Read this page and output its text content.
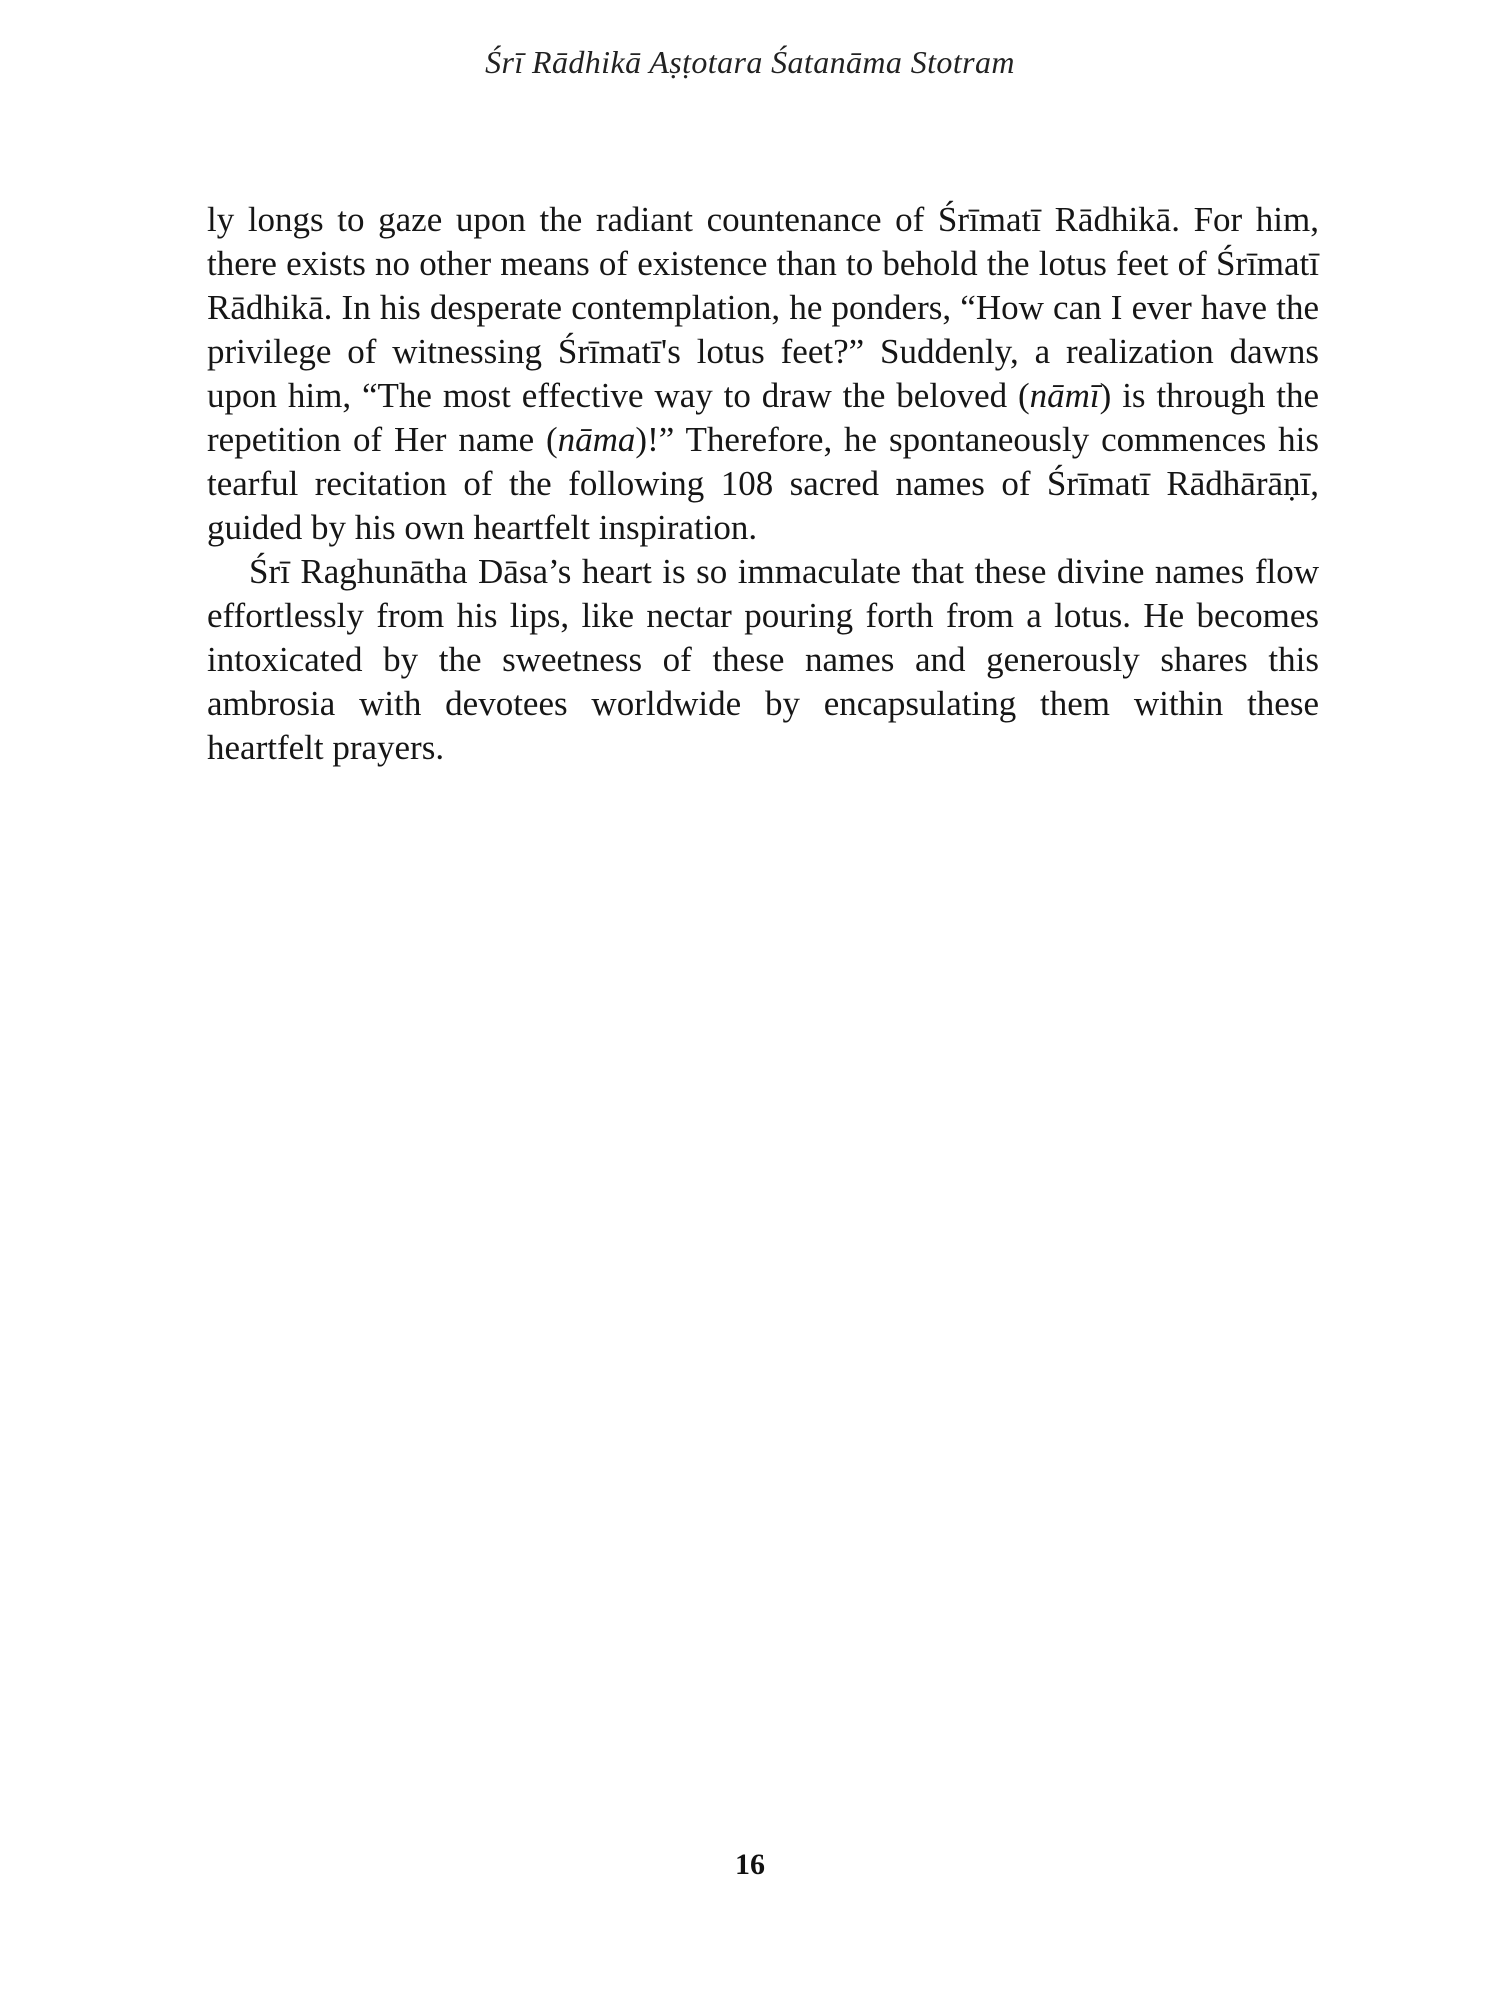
Śrī Rādhikā Aṣṭotara Śatanāma Stotram

ly longs to gaze upon the radiant countenance of Śrīmatī Rādhikā. For him, there exists no other means of existence than to behold the lotus feet of Śrīmatī Rādhikā. In his desperate contemplation, he ponders, “How can I ever have the privilege of witnessing Śrīmatī's lotus feet?” Suddenly, a realization dawns upon him, “The most effective way to draw the beloved (nāmī) is through the repetition of Her name (nāma)!” Therefore, he spontaneously commences his tearful recitation of the following 108 sacred names of Śrīmatī Rādhārāṇī, guided by his own heartfelt inspiration.

Śrī Raghunātha Dāsa’s heart is so immaculate that these divine names flow effortlessly from his lips, like nectar pouring forth from a lotus. He becomes intoxicated by the sweetness of these names and generously shares this ambrosia with devotees worldwide by encapsulating them within these heartfelt prayers.

16
